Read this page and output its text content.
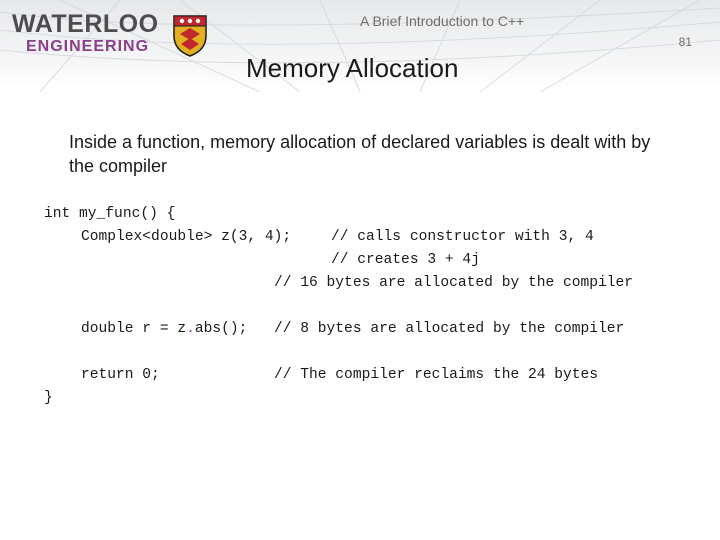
WATERLOO
ENGINEERING
A Brief Introduction to C++
81
Memory Allocation
Inside a function, memory allocation of declared variables is dealt with by the compiler

int my_func() {

Complex<double> z(3, 4);

	// calls constructor with 3, 4

// creates 3 + 4j

// 16 bytes are allocated by the compiler

double r = z.abs();

// 8 bytes are allocated by the compiler

return 0;

	// The compiler reclaims the 24 bytes

}
